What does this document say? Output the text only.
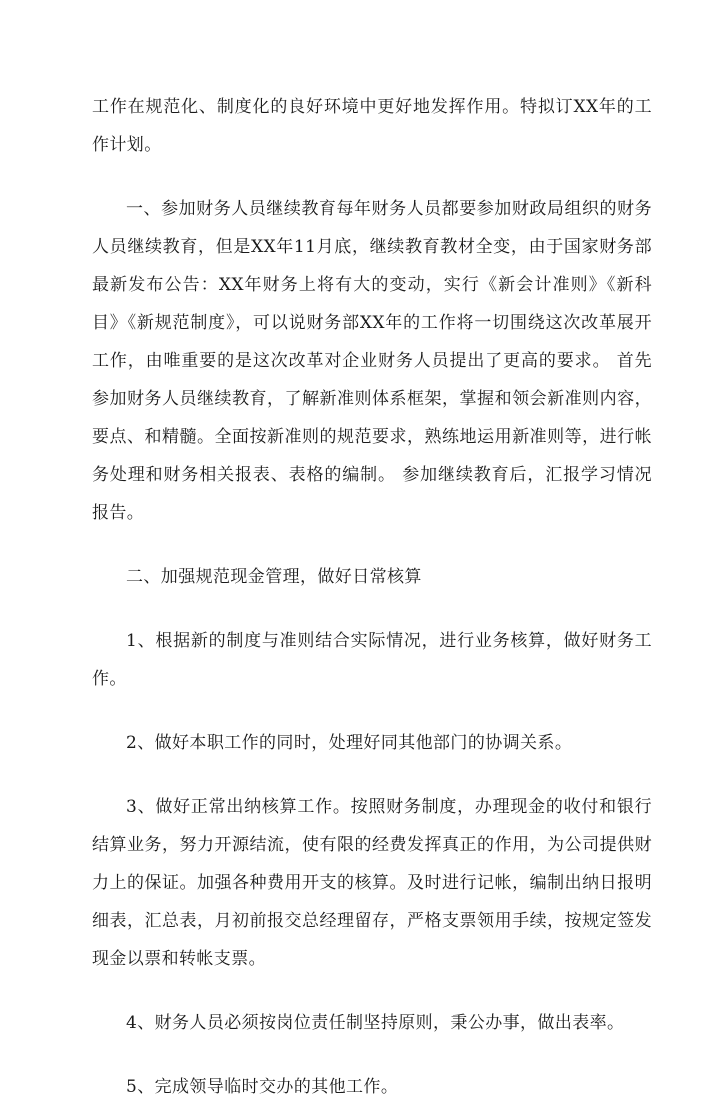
工作在规范化、制度化的良好环境中更好地发挥作用。特拟订XX年的工作计划。

一、参加财务人员继续教育每年财务人员都要参加财政局组织的财务人员继续教育，但是XX年11月底，继续教育教材全变，由于国家财务部最新发布公告：XX年财务上将有大的变动，实行《新会计准则》《新科目》《新规范制度》，可以说财务部XX年的工作将一切围绕这次改革展开工作，由唯重要的是这次改革对企业财务人员提出了更高的要求。 首先参加财务人员继续教育，了解新准则体系框架，掌握和领会新准则内容，要点、和精髓。全面按新准则的规范要求，熟练地运用新准则等，进行帐务处理和财务相关报表、表格的编制。 参加继续教育后，汇报学习情况报告。

二、加强规范现金管理，做好日常核算

1、根据新的制度与准则结合实际情况，进行业务核算，做好财务工作。

2、做好本职工作的同时，处理好同其他部门的协调关系。

3、做好正常出纳核算工作。按照财务制度，办理现金的收付和银行结算业务，努力开源结流，使有限的经费发挥真正的作用，为公司提供财力上的保证。加强各种费用开支的核算。及时进行记帐，编制出纳日报明细表，汇总表，月初前报交总经理留存，严格支票领用手续，按规定签发现金以票和转帐支票。

4、财务人员必须按岗位责任制坚持原则，秉公办事，做出表率。

5、完成领导临时交办的其他工作。
